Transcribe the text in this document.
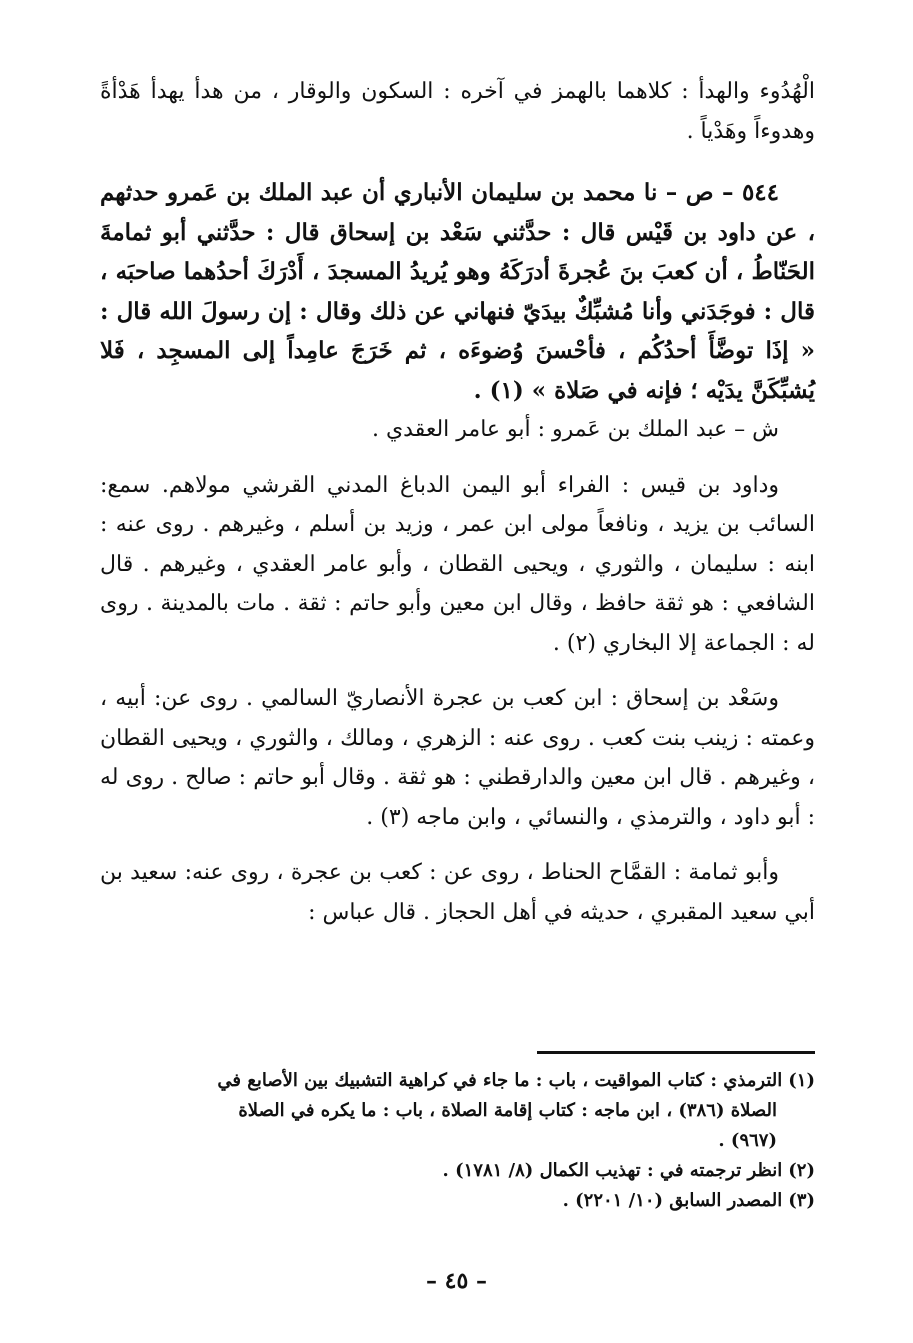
الْهُدُوء والهدأ : كلاهما بالهمز في آخره : السكون والوقار ، من هدأ يهدأ هَدْأةً وهدوءاً وهَدْياً .

٥٤٤ – ص – نا محمد بن سليمان الأنباري أن عبد الملك بن عَمرو حدثهم ، عن داود بن قَيْس قال : حدَّثني سَعْد بن إسحاق قال : حدَّثني أبو ثمامةَ الحَنّاطُ ، أن كعبَ بنَ عُجرةَ أدرَكَهُ وهو يُريدُ المسجدَ ، أَدْرَكَ أحدُهما صاحبَه ، قال : فوجَدَني وأنا مُشبِّكٌ بيدَيّ فنهاني عن ذلك وقال : إن رسولَ الله قال : « إذَا توضَّأَ أحدُكُم ، فأحْسنَ وُضوءَه ، ثم خَرَجَ عامِداً إلى المسجِد ، فَلا يُشبِّكَنَّ يدَيْه ؛ فإنه في صَلاة » (١) .

ش – عبد الملك بن عَمرو : أبو عامر العقدي .

وداود بن قيس : الفراء أبو اليمن الدباغ المدني القرشي مولاهم. سمع: السائب بن يزيد ، ونافعاً مولى ابن عمر ، وزيد بن أسلم ، وغيرهم . روى عنه : ابنه : سليمان ، والثوري ، ويحيى القطان ، وأبو عامر العقدي ، وغيرهم . قال الشافعي : هو ثقة حافظ ، وقال ابن معين وأبو حاتم : ثقة . مات بالمدينة . روى له : الجماعة إلا البخاري (٢) .

وسَعْد بن إسحاق : ابن كعب بن عجرة الأنصاريّ السالمي . روى عن: أبيه ، وعمته : زينب بنت كعب . روى عنه : الزهري ، ومالك ، والثوري ، ويحيى القطان ، وغيرهم . قال ابن معين والدارقطني : هو ثقة . وقال أبو حاتم : صالح . روى له : أبو داود ، والترمذي ، والنسائي ، وابن ماجه (٣) .

وأبو ثمامة : القمَّاح الحناط ، روى عن : كعب بن عجرة ، روى عنه: سعيد بن أبي سعيد المقبري ، حديثه في أهل الحجاز . قال عباس :

(١)الترمذي : كتاب المواقيت ، باب : ما جاء في كراهية التشبيك بين الأصابع في

الصلاة (٣٨٦) ، ابن ماجه : كتاب إقامة الصلاة ، باب : ما يكره في الصلاة

(٩٦٧) .

(٢)انظر ترجمته في : تهذيب الكمال (٨/ ١٧٨١) .

(٣)المصدر السابق (١٠/ ٢٢٠١) .

– ٤٥ –
